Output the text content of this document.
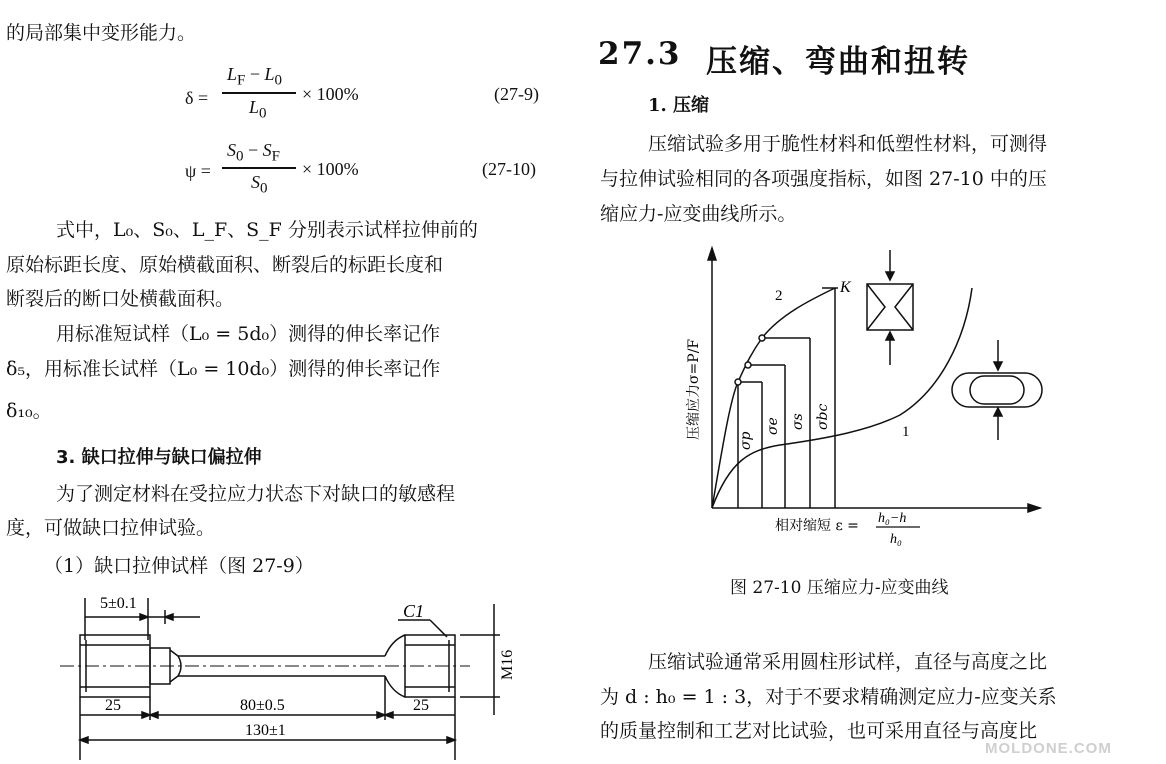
的局部集中变形能力。
δ =
$L_F - L_0$
$L_0$
× 100%	(27-9)
ψ =
$S_0 - S_F$
$S_0$
× 100%	(27-10)
式中，L₀、S₀、L_F、S_F 分别表示试样拉伸前的
原始标距长度、原始横截面积、断裂后的标距长度和
断裂后的断口处横截面积。
用标准短试样（L₀ = 5d₀）测得的伸长率记作
δ₅，用标准长试样（L₀ = 10d₀）测得的伸长率记作
δ₁₀。
3. 缺口拉伸与缺口偏拉伸
为了测定材料在受拉应力状态下对缺口的敏感程
度，可做缺口拉伸试验。
（1）缺口拉伸试样（图 27-9）
5±0.1	C1
M16
25	80±0.5	25
130±1
27.3 压缩、弯曲和扭转
1. 压缩
压缩试验多用于脆性材料和低塑性材料，可测得
与拉伸试验相同的各项强度指标，如图 27-10 中的压
缩应力-应变曲线所示。
压缩应力σ=P/F
相对缩短 ε = h₀−h
h₀
2
1
K
σp
σe σs σbc
图 27-10 压缩应力-应变曲线
压缩试验通常采用圆柱形试样，直径与高度之比
为 d : h₀ = 1 : 3，对于不要求精确测定应力-应变关系
的质量控制和工艺对比试验，也可采用直径与高度比
MOLDONE.COM
